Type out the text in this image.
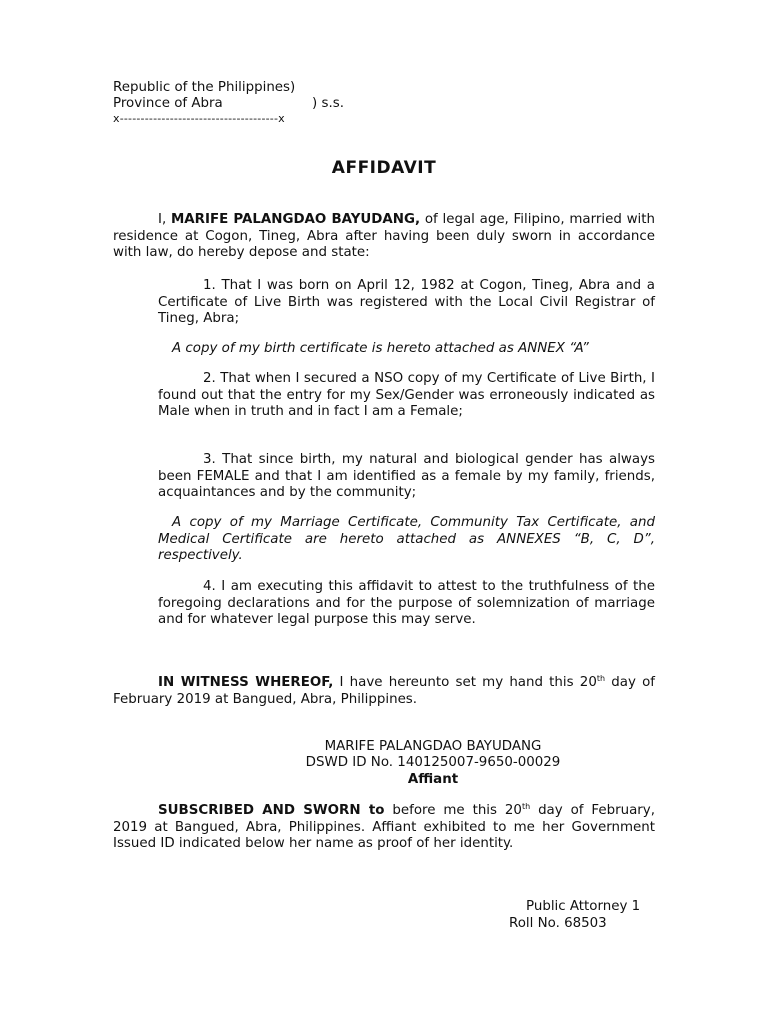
Republic of the Philippines)
Province of Abra	) s.s.
x--------------------------------------x
AFFIDAVIT
I, MARIFE PALANGDAO BAYUDANG, of legal age, Filipino, married with residence at Cogon, Tineg, Abra after having been duly sworn in accordance with law, do hereby depose and state:
1. That I was born on April 12, 1982 at Cogon, Tineg, Abra and a Certificate of Live Birth was registered with the Local Civil Registrar of Tineg, Abra;
A copy of my birth certificate is hereto attached as ANNEX “A”
2. That when I secured a NSO copy of my Certificate of Live Birth, I found out that the entry for my Sex/Gender was erroneously indicated as Male when in truth and in fact I am a Female;
3. That since birth, my natural and biological gender has always been FEMALE and that I am identified as a female by my family, friends, acquaintances and by the community;
A copy of my Marriage Certificate, Community Tax Certificate, and Medical Certificate are hereto attached as ANNEXES “B, C, D”, respectively.
4. I am executing this affidavit to attest to the truthfulness of the foregoing declarations and for the purpose of solemnization of marriage and for whatever legal purpose this may serve.
IN WITNESS WHEREOF, I have hereunto set my hand this 20th day of February 2019 at Bangued, Abra, Philippines.
MARIFE PALANGDAO BAYUDANG
DSWD ID No. 140125007-9650-00029
Affiant
SUBSCRIBED AND SWORN to before me this 20th day of February, 2019 at Bangued, Abra, Philippines. Affiant exhibited to me her Government Issued ID indicated below her name as proof of her identity.
Public Attorney 1
Roll No. 68503
